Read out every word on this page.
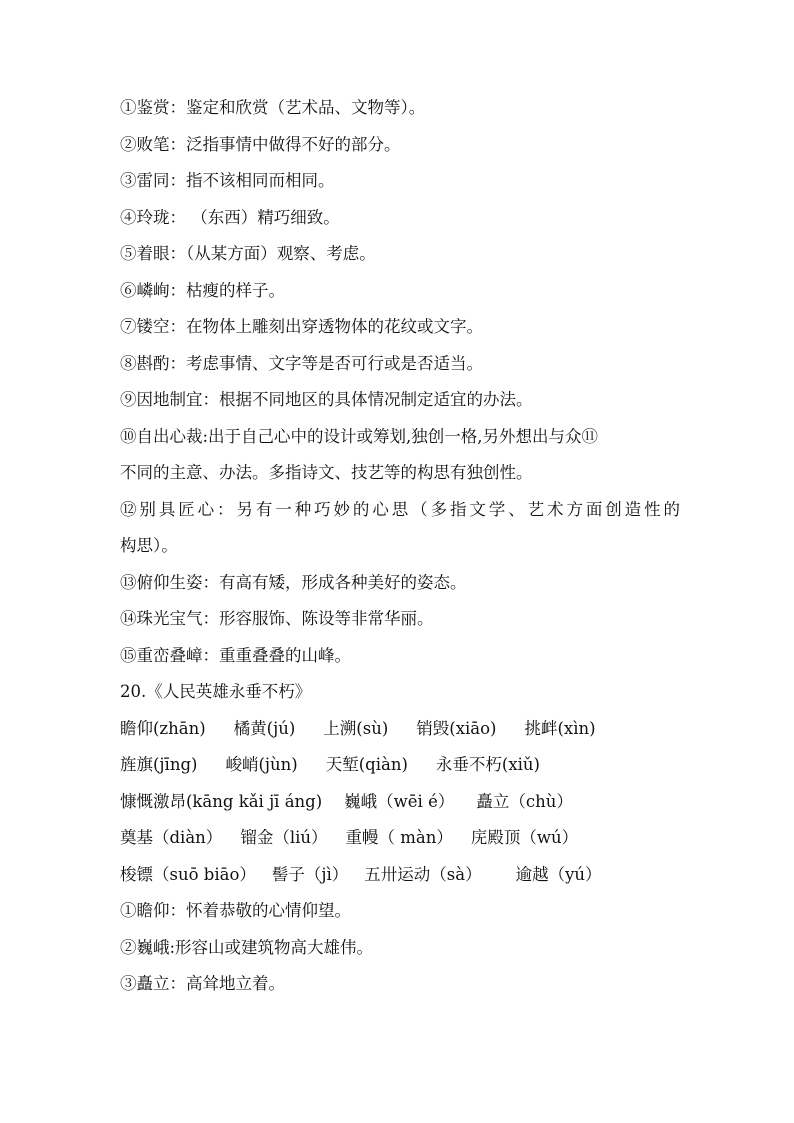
①鉴赏：鉴定和欣赏（艺术品、文物等）。
②败笔：泛指事情中做得不好的部分。
③雷同：指不该相同而相同。
④玲珑： （东西）精巧细致。
⑤着眼：（从某方面）观察、考虑。
⑥嶙峋：枯瘦的样子。
⑦镂空：在物体上雕刻出穿透物体的花纹或文字。
⑧斟酌：考虑事情、文字等是否可行或是否适当。
⑨因地制宜：根据不同地区的具体情况制定适宜的办法。
⑩自出心裁:出于自己心中的设计或筹划,独创一格,另外想出与众⑪
不同的主意、办法。多指诗文、技艺等的构思有独创性。
⑫别具匠心：另有一种巧妙的心思（多指文学、艺术方面创造性的
构思）。
⑬俯仰生姿：有高有矮，形成各种美好的姿态。
⑭珠光宝气：形容服饰、陈设等非常华丽。
⑮重峦叠嶂：重重叠叠的山峰。
20.《人民英雄永垂不朽》
瞻仰(zhān) 橘黄(jú) 上溯(sù) 销毁(xiāo) 挑衅(xìn)
旌旗(jīng) 峻峭(jùn) 天堑(qiàn) 永垂不朽(xiǔ)
慷慨激昂(kāng kǎi jī áng) 巍峨（wēi é） 矗立（chù）
奠基（diàn） 镏金（liú） 重幔（ màn） 庑殿顶（wú）
梭镖（suō biāo） 髻子（jì） 五卅运动（sà） 逾越（yú）
①瞻仰：怀着恭敬的心情仰望。
②巍峨:形容山或建筑物高大雄伟。
③矗立：高耸地立着。
